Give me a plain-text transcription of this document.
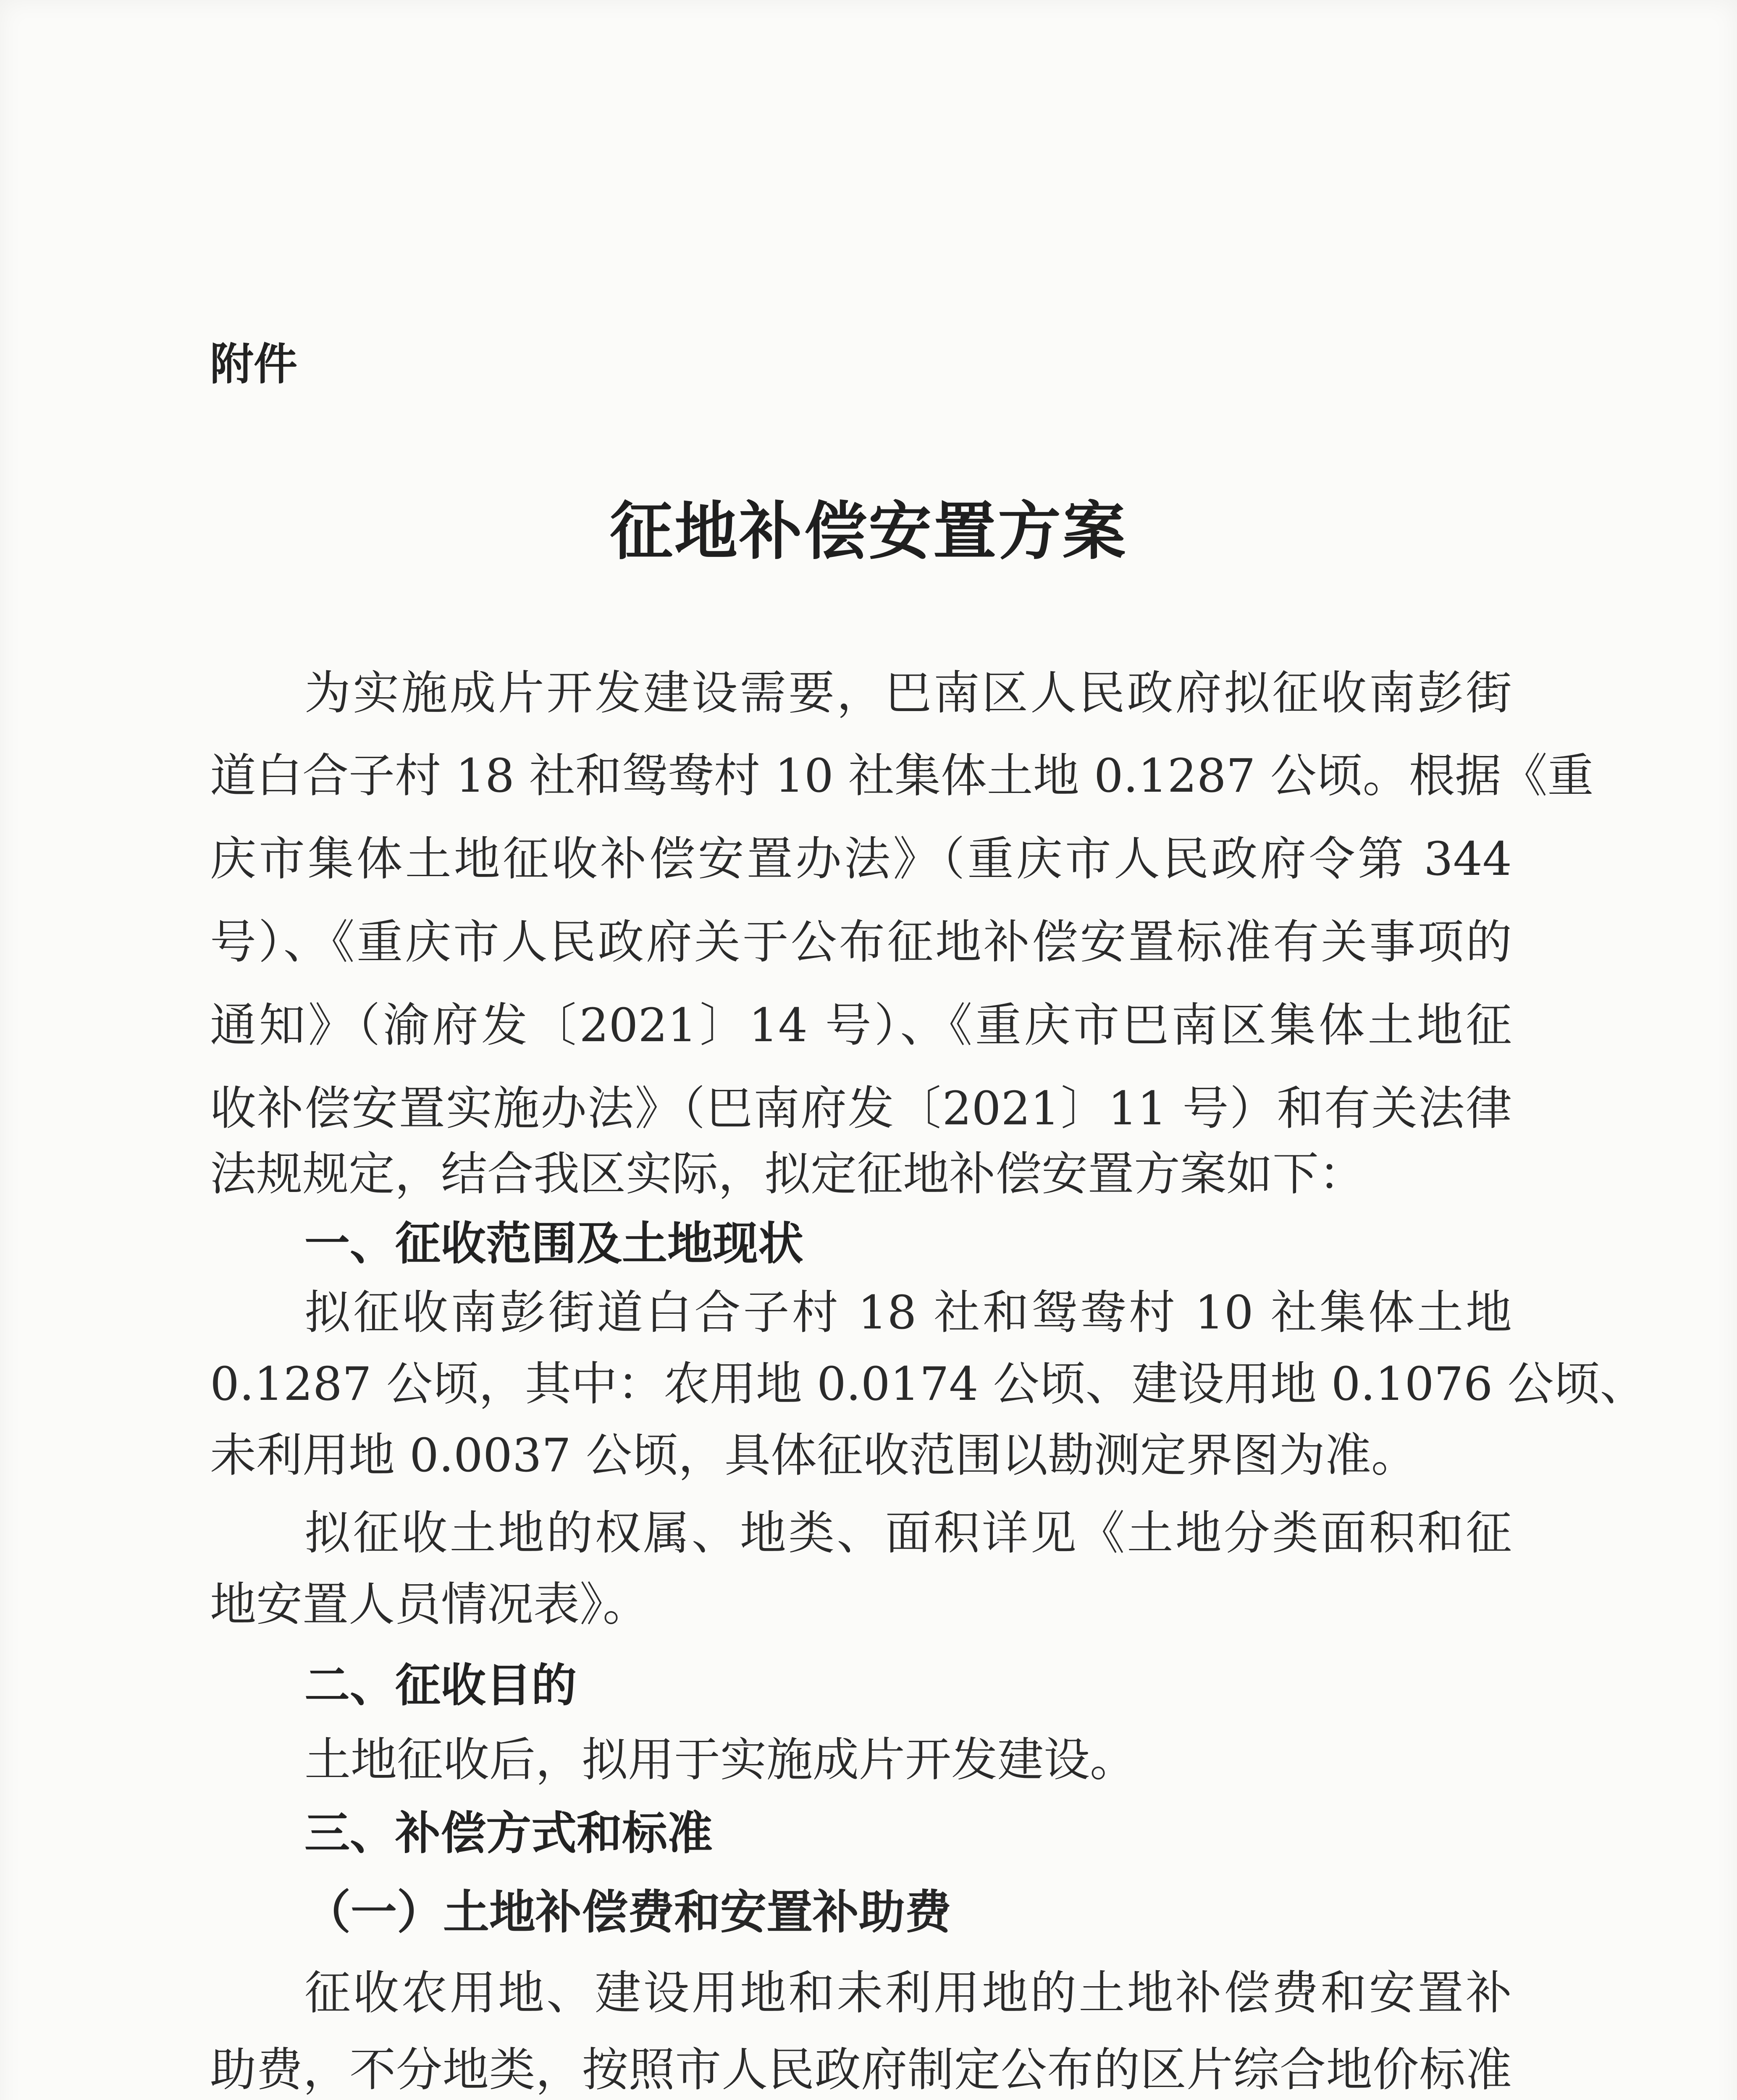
附件
征地补偿安置方案
为实施成片开发建设需要，巴南区人民政府拟征收南彭街
道白合子村 18 社和鸳鸯村 10 社集体土地 0.1287 公顷。根据《重
庆市集体土地征收补偿安置办法》（重庆市人民政府令第 344
号）、《重庆市人民政府关于公布征地补偿安置标准有关事项的
通知》（渝府发〔2021〕14 号）、《重庆市巴南区集体土地征
收补偿安置实施办法》（巴南府发〔2021〕11 号）和有关法律
法规规定，结合我区实际，拟定征地补偿安置方案如下：
一、征收范围及土地现状
拟征收南彭街道白合子村 18 社和鸳鸯村 10 社集体土地
0.1287 公顷，其中：农用地 0.0174 公顷、建设用地 0.1076 公顷、
未利用地 0.0037 公顷，具体征收范围以勘测定界图为准。
拟征收土地的权属、地类、面积详见《土地分类面积和征
地安置人员情况表》。
二、征收目的
土地征收后，拟用于实施成片开发建设。
三、补偿方式和标准
（一）土地补偿费和安置补助费
征收农用地、建设用地和未利用地的土地补偿费和安置补
助费，不分地类，按照市人民政府制定公布的区片综合地价标准
